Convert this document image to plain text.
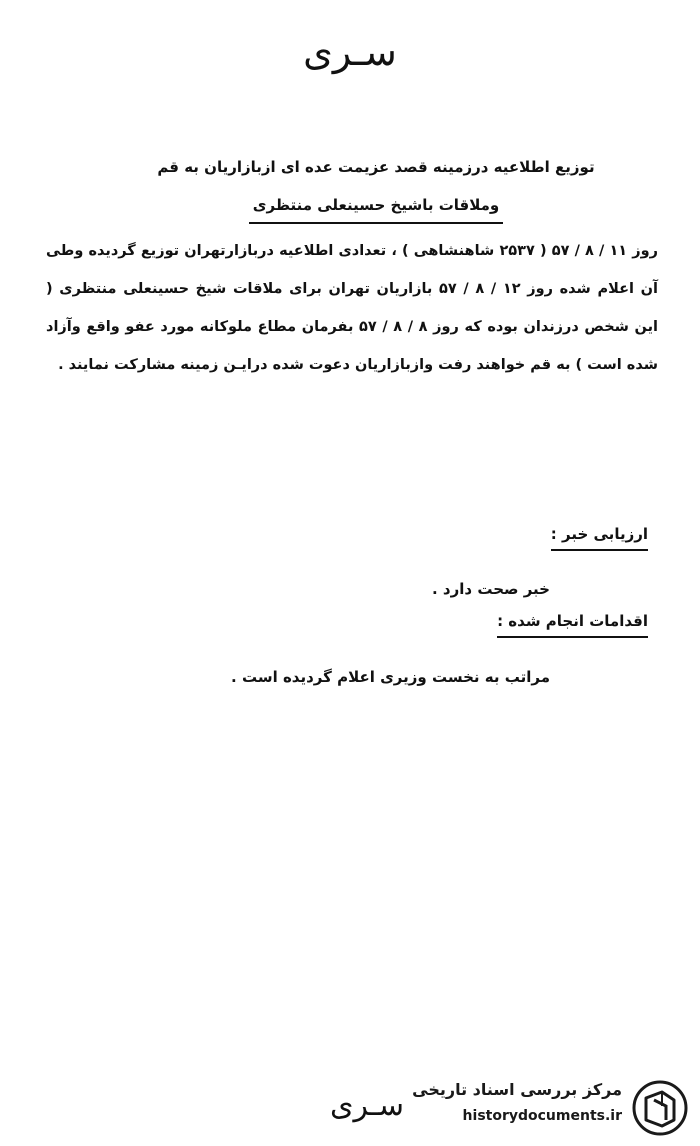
سـری
توزیع اطلاعیه درزمینه قصد عزیمت عده ای ازبازاریان به قم
وملاقات باشیخ حسینعلی منتظری

روز ۱۱ / ۸ / ۵۷ ( ۲۵۳۷ شاهنشاهی ) ، تعدادی اطلاعیه دربازارتهران توزیع گردیده وطی آن اعلام شده روز ۱۲ / ۸ / ۵۷ بازاریان تهران برای ملاقات شیخ حسینعلی منتظری ( این شخص درزندان بوده که روز ۸ / ۸ / ۵۷ بفرمان مطاع ملوکانه مورد عفو واقع وآزاد شده است ) به قم خواهند رفت وازبازاریان دعوت شده درایـن زمینه مشارکت نمایند .

ارزیابی خبر :
خبر صحت دارد .
اقدامات انجام شده :
مراتب به نخست وزیری اعلام گردیده است .
سـری مرکز بررسی اسناد تاریخی
historydocuments.ir
